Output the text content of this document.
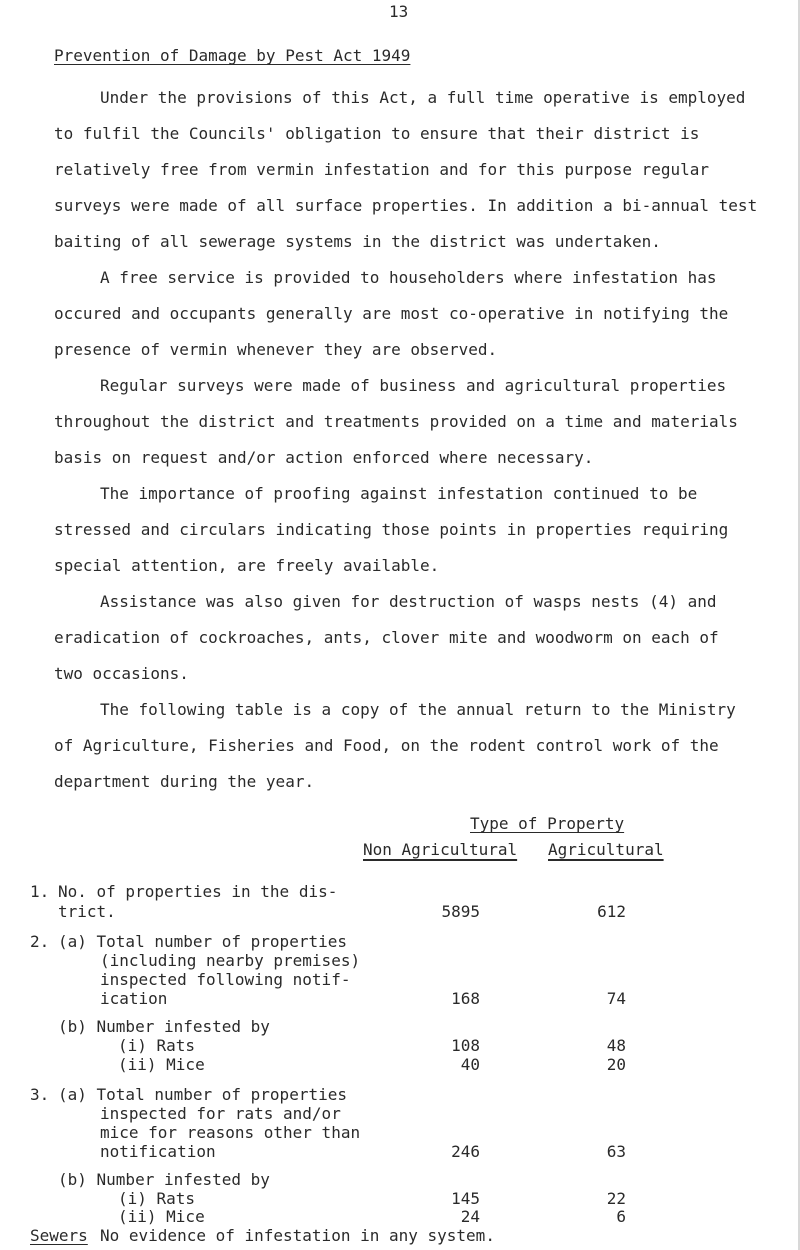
13
Prevention of Damage by Pest Act 1949
Under the provisions of this Act, a full time operative is employed
to fulfil the Councils' obligation to ensure that their district is
relatively free from vermin infestation and for this purpose regular
surveys were made of all surface properties. In addition a bi-annual test
baiting of all sewerage systems in the district was undertaken.
A free service is provided to householders where infestation has
occured and occupants generally are most co-operative in notifying the
presence of vermin whenever they are observed.
Regular surveys were made of business and agricultural properties
throughout the district and treatments provided on a time and materials
basis on request and/or action enforced where necessary.
The importance of proofing against infestation continued to be
stressed and circulars indicating those points in properties requiring
special attention, are freely available.
Assistance was also given for destruction of wasps nests (4) and
eradication of cockroaches, ants, clover mite and woodworm on each of
two occasions.
The following table is a copy of the annual return to the Ministry
of Agriculture, Fisheries and Food, on the rodent control work of the
department during the year.
Type of Property
Non Agricultural Agricultural
1. No. of properties in the dis-
trict.	5895	612
2. (a) Total number of properties
(including nearby premises)
inspected following notif-
ication	168	74
(b) Number infested by
(i) Rats	108	48
(ii) Mice	40	20
3. (a) Total number of properties
inspected for rats and/or
mice for reasons other than
notification	246	63
(b) Number infested by
(i) Rats	145	22
(ii) Mice	24	6
Sewers No evidence of infestation in any system.
